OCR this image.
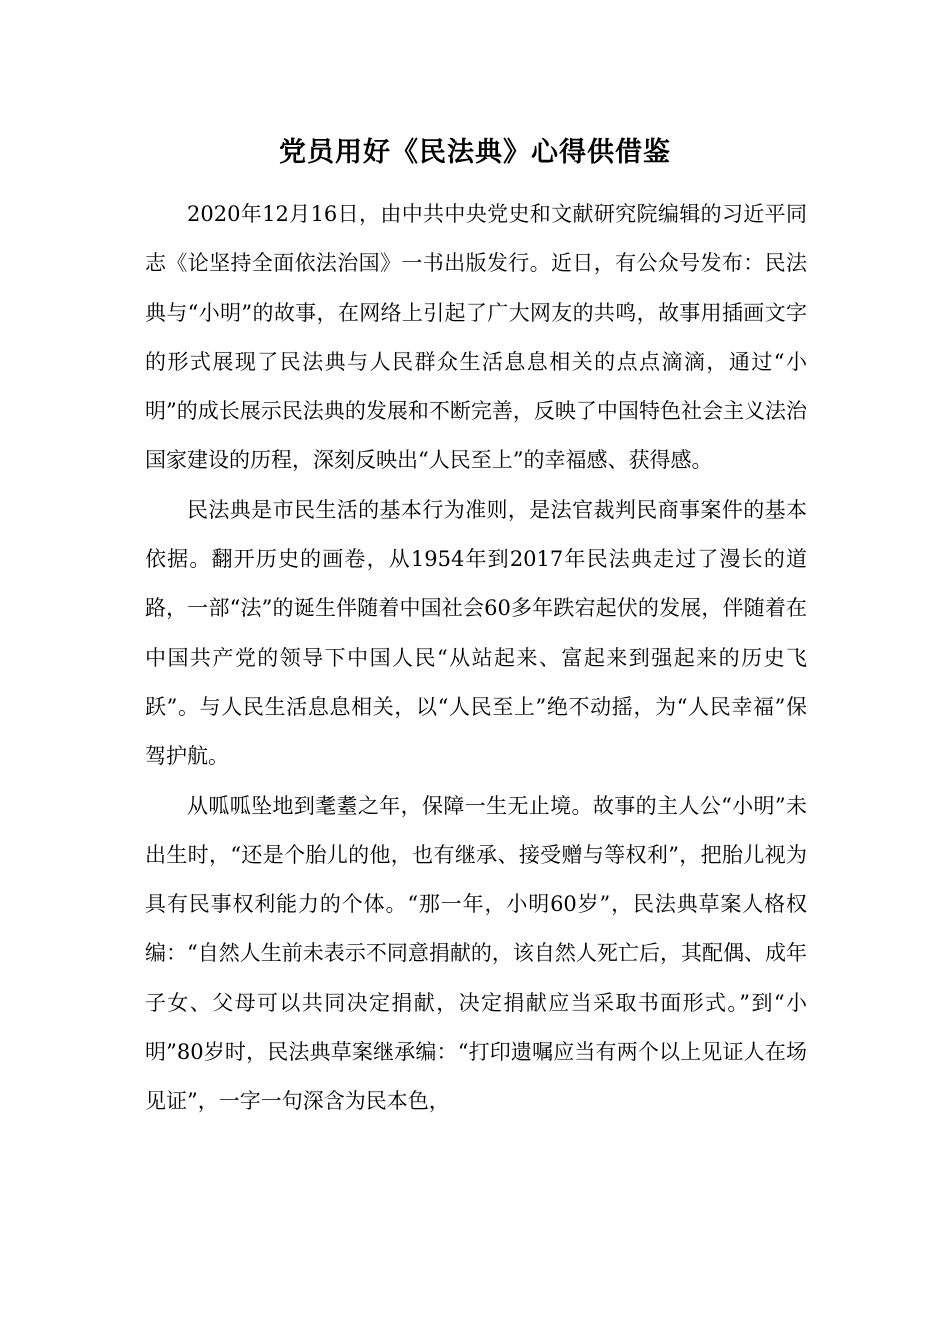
党员用好《民法典》心得供借鉴

2020年12月16日，由中共中央党史和文献研究院编辑的习近平同志《论坚持全面依法治国》一书出版发行。近日，有公众号发布：民法典与“小明”的故事，在网络上引起了广大网友的共鸣，故事用插画文字的形式展现了民法典与人民群众生活息息相关的点点滴滴，通过“小明”的成长展示民法典的发展和不断完善，反映了中国特色社会主义法治国家建设的历程，深刻反映出“人民至上”的幸福感、获得感。

民法典是市民生活的基本行为准则，是法官裁判民商事案件的基本依据。翻开历史的画卷，从1954年到2017年民法典走过了漫长的道路，一部“法”的诞生伴随着中国社会60多年跌宕起伏的发展，伴随着在中国共产党的领导下中国人民“从站起来、富起来到强起来的历史飞跃”。与人民生活息息相关，以“人民至上”绝不动摇，为“人民幸福”保驾护航。

从呱呱坠地到耄耋之年，保障一生无止境。故事的主人公“小明”未出生时，“还是个胎儿的他，也有继承、接受赠与等权利”，把胎儿视为具有民事权利能力的个体。“那一年，小明60岁”，民法典草案人格权编：“自然人生前未表示不同意捐献的，该自然人死亡后，其配偶、成年子女、父母可以共同决定捐献，决定捐献应当采取书面形式。”到“小明”80岁时，民法典草案继承编：“打印遗嘱应当有两个以上见证人在场见证”，一字一句深含为民本色，
